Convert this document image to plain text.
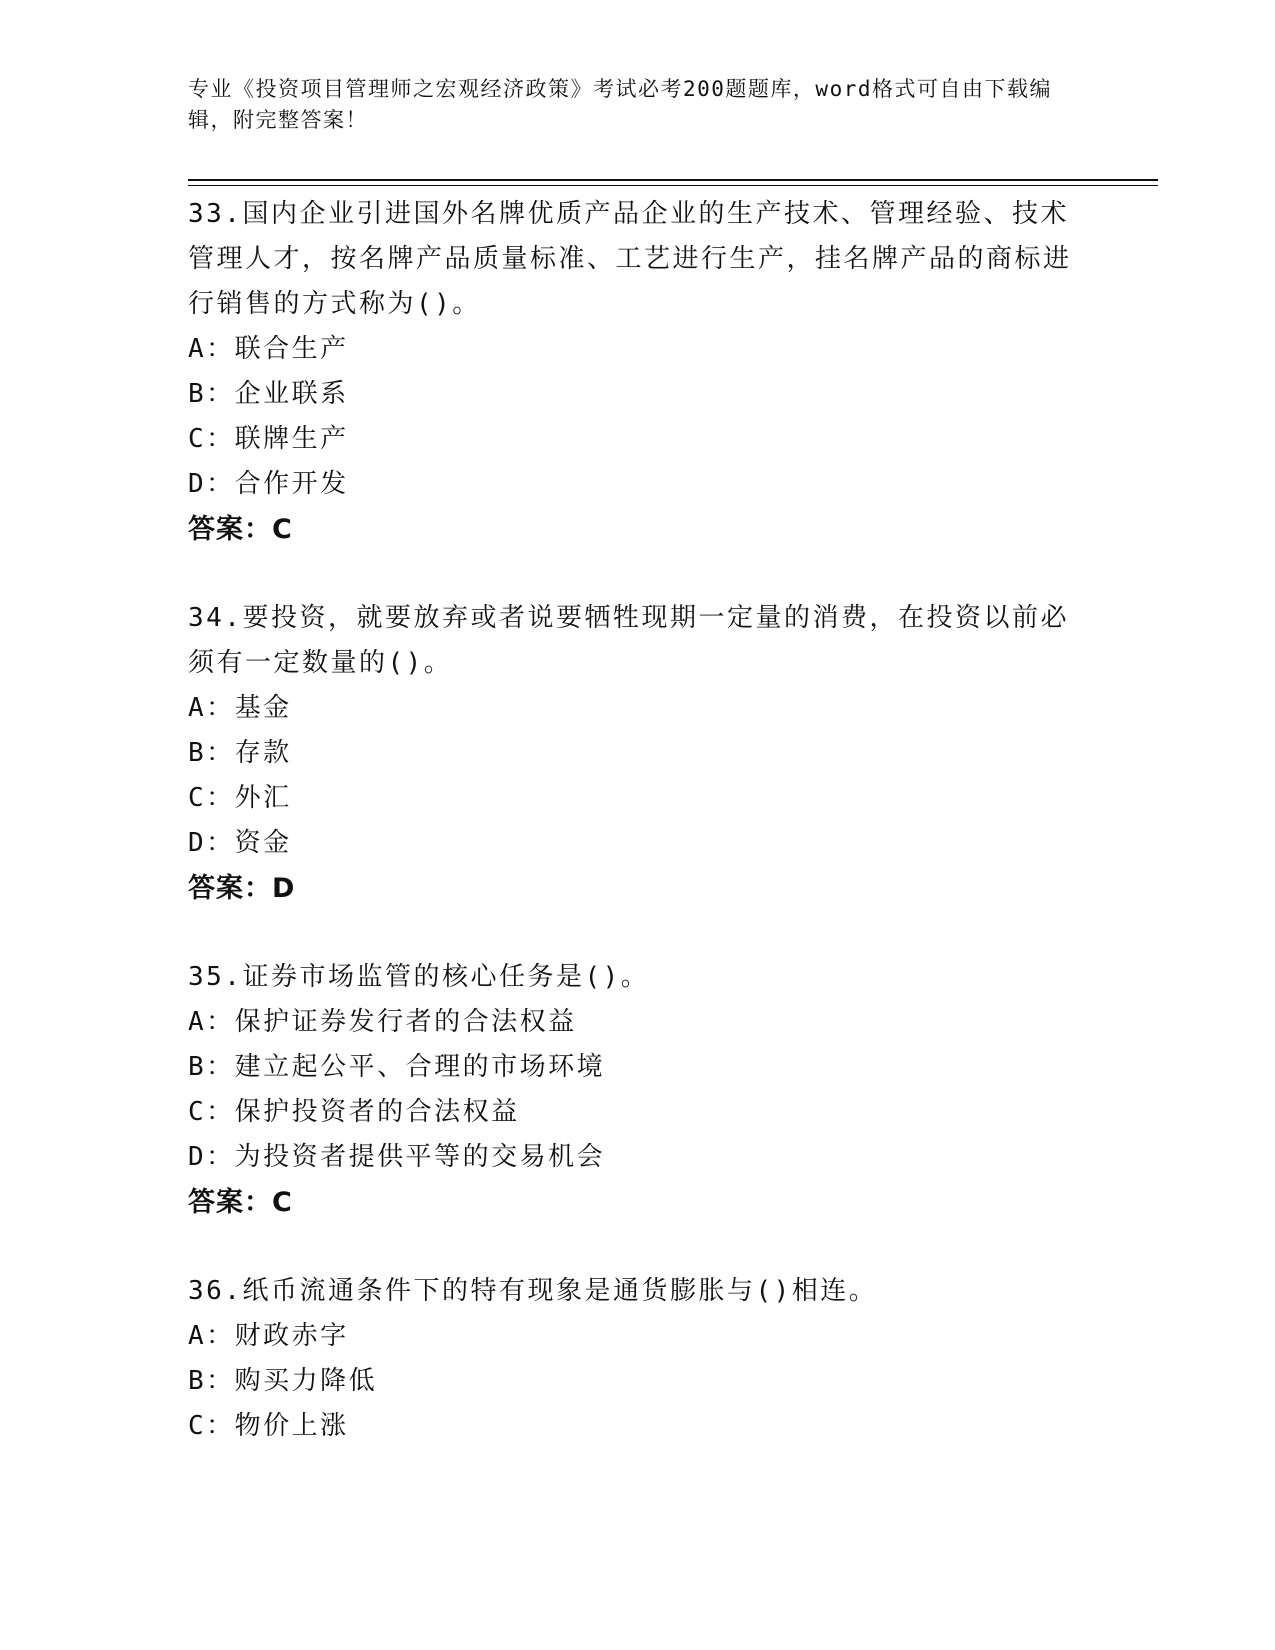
专业《投资项目管理师之宏观经济政策》考试必考200题题库，word格式可自由下载编辑，附完整答案！
33.国内企业引进国外名牌优质产品企业的生产技术、管理经验、技术管理人才，按名牌产品质量标准、工艺进行生产，挂名牌产品的商标进行销售的方式称为()。
A：联合生产
B：企业联系
C：联牌生产
D：合作开发
答案：C
34.要投资，就要放弃或者说要牺牲现期一定量的消费，在投资以前必须有一定数量的()。
A：基金
B：存款
C：外汇
D：资金
答案：D
35.证券市场监管的核心任务是()。
A：保护证券发行者的合法权益
B：建立起公平、合理的市场环境
C：保护投资者的合法权益
D：为投资者提供平等的交易机会
答案：C
36.纸币流通条件下的特有现象是通货膨胀与()相连。
A：财政赤字
B：购买力降低
C：物价上涨
